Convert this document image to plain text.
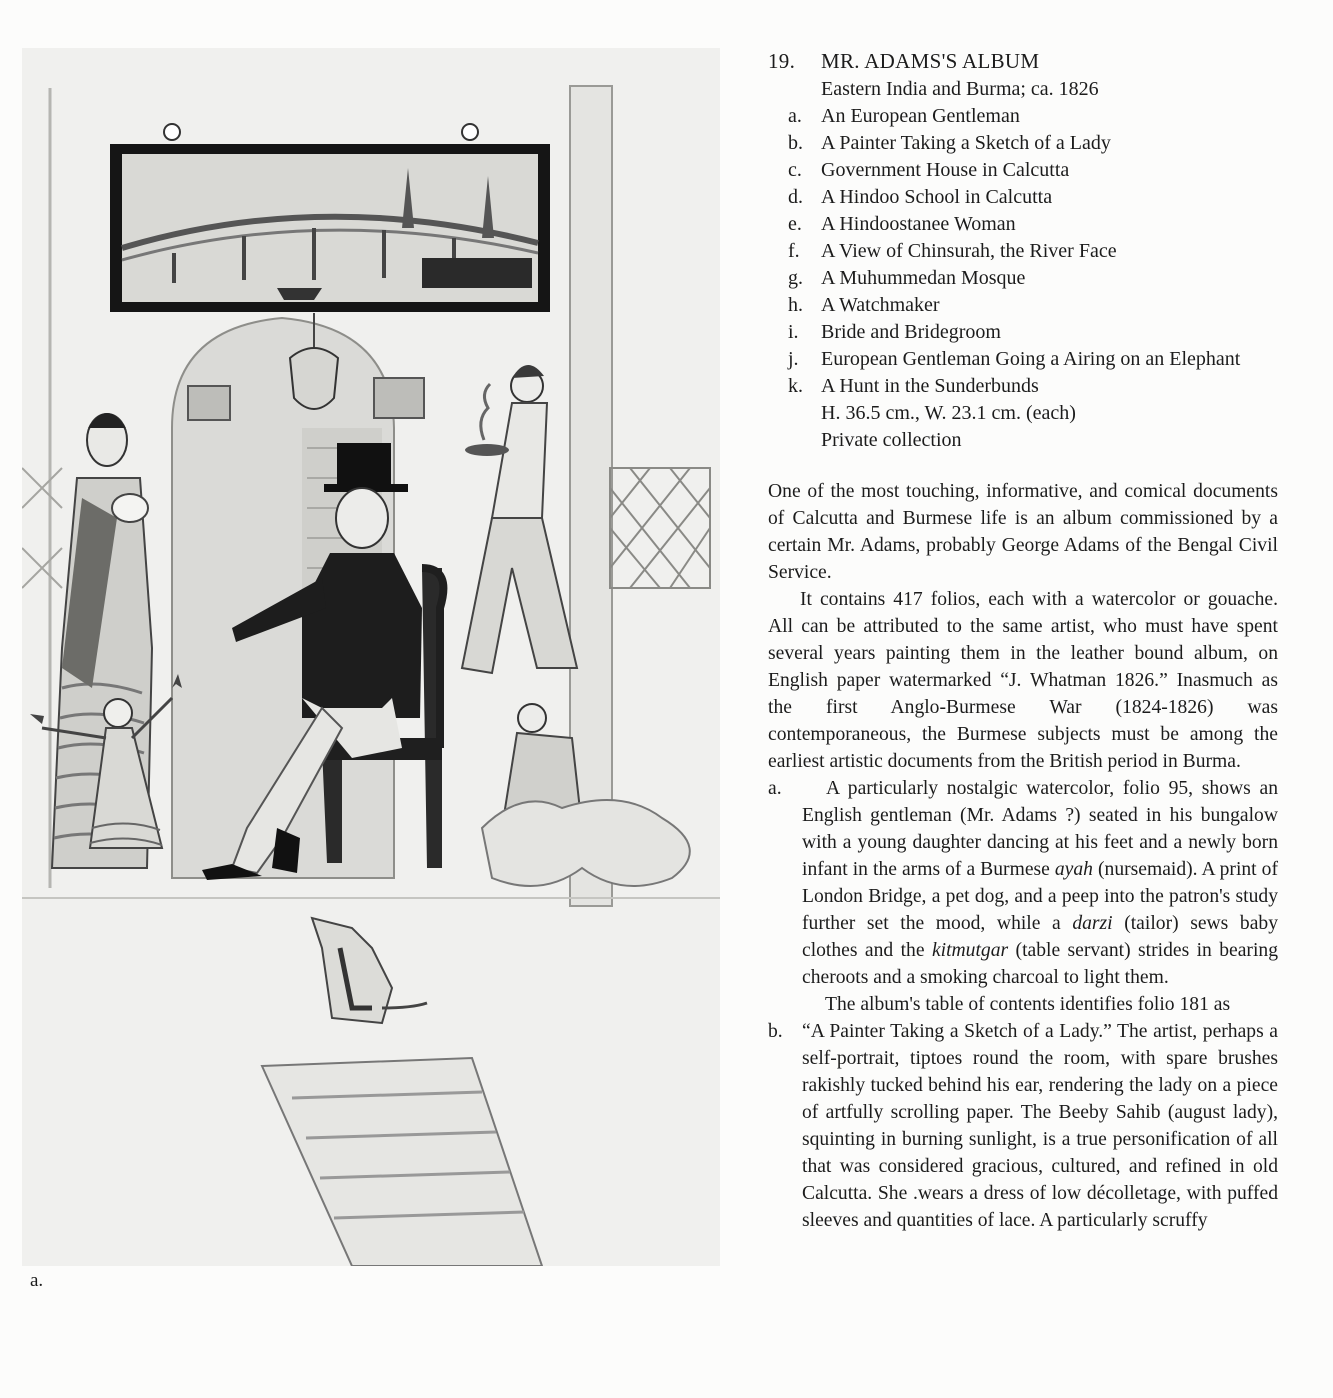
a.
19.	MR. ADAMS'S ALBUM
Eastern India and Burma; ca. 1826
a. An European Gentleman
b. A Painter Taking a Sketch of a Lady
c. Government House in Calcutta
d. A Hindoo School in Calcutta
e. A Hindoostanee Woman
f.	A View of Chinsurah, the River Face
g. A Muhummedan Mosque
h. A Watchmaker
i.	Bride and Bridegroom
j.	European Gentleman Going a Airing on an Elephant
k. A Hunt in the Sunderbunds
H. 36.5 cm., W. 23.1 cm. (each)
Private collection

One of the most touching, informative, and comical documents of Calcutta and Burmese life is an album commissioned by a certain Mr. Adams, probably George Adams of the Bengal Civil Service.

It contains 417 folios, each with a watercolor or gouache. All can be attributed to the same artist, who must have spent several years painting them in the leather bound album, on English paper watermarked “J. Whatman 1826.” Inasmuch as the first Anglo-Burmese War (1824-1826) was contemporaneous, the Burmese subjects must be among the earliest artistic documents from the British period in Burma.

a.	A particularly nostalgic watercolor, folio 95, shows an English gentleman (Mr. Adams ?) seated in his bungalow with a young daughter dancing at his feet and a newly born infant in the arms of a Burmese ayah (nursemaid). A print of London Bridge, a pet dog, and a peep into the patron's study further set the mood, while a darzi (tailor) sews baby clothes and the kitmutgar (table servant) strides in bearing cheroots and a smoking charcoal to light them.

The album's table of contents identifies folio 181 as

b. “A Painter Taking a Sketch of a Lady.” The artist, perhaps a self-portrait, tiptoes round the room, with spare brushes rakishly tucked behind his ear, rendering the lady on a piece of artfully scrolling paper. The Beeby Sahib (august lady), squinting in burning sunlight, is a true personification of all that was considered gracious, cultured, and refined in old Calcutta. She .wears a dress of low décolletage, with puffed sleeves and quantities of lace. A particularly scruffy
